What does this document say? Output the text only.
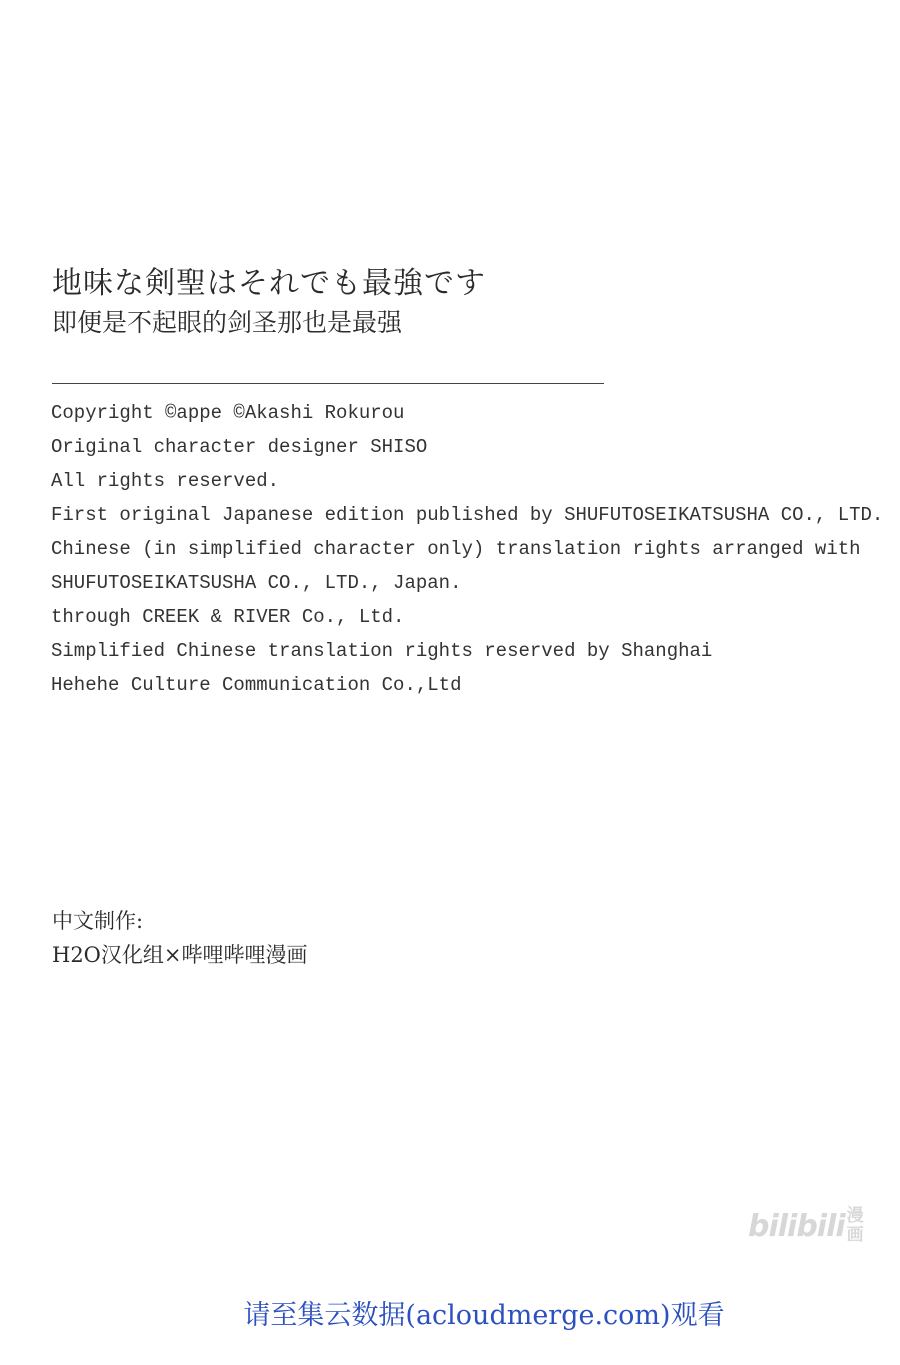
地味な剣聖はそれでも最強です
即便是不起眼的剑圣那也是最强
Copyright ©appe ©Akashi Rokurou
Original character designer SHISO
All rights reserved.
First original Japanese edition published by SHUFUTOSEIKATSUSHA CO., LTD.
Chinese (in simplified character only) translation rights arranged with
SHUFUTOSEIKATSUSHA CO., LTD., Japan.
through CREEK & RIVER Co., Ltd.
Simplified Chinese translation rights reserved by Shanghai
Hehehe Culture Communication Co.,Ltd
中文制作:
H2O汉化组×哔哩哔哩漫画
bilibili 漫
画
请至集云数据(acloudmerge.com)观看
